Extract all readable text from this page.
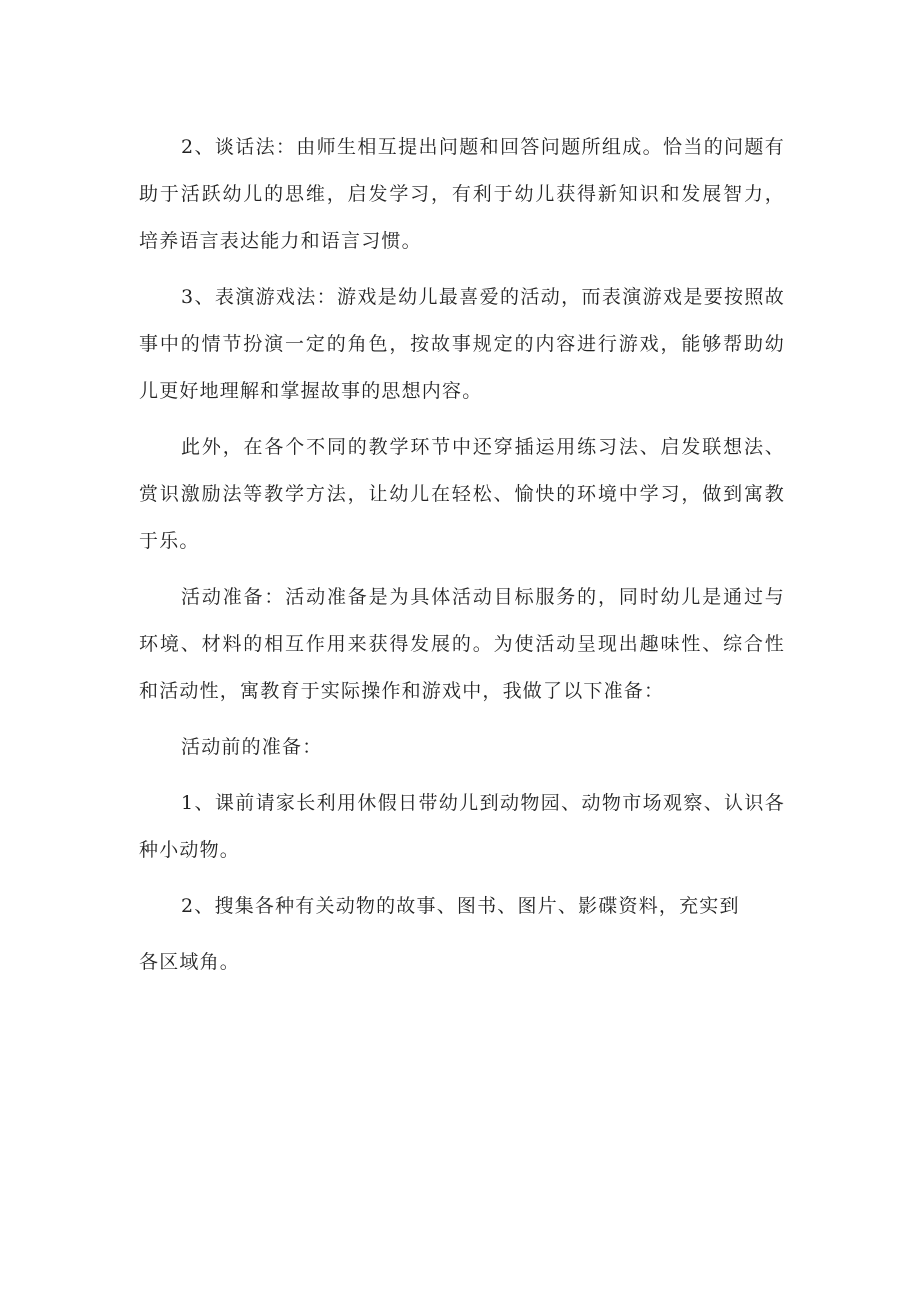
2、谈话法：由师生相互提出问题和回答问题所组成。恰当的问题有助于活跃幼儿的思维，启发学习，有利于幼儿获得新知识和发展智力，培养语言表达能力和语言习惯。

3、表演游戏法：游戏是幼儿最喜爱的活动，而表演游戏是要按照故事中的情节扮演一定的角色，按故事规定的内容进行游戏，能够帮助幼儿更好地理解和掌握故事的思想内容。

此外，在各个不同的教学环节中还穿插运用练习法、启发联想法、赏识激励法等教学方法，让幼儿在轻松、愉快的环境中学习，做到寓教于乐。

活动准备：活动准备是为具体活动目标服务的，同时幼儿是通过与环境、材料的相互作用来获得发展的。为使活动呈现出趣味性、综合性和活动性，寓教育于实际操作和游戏中，我做了以下准备：

活动前的准备：

1、课前请家长利用休假日带幼儿到动物园、动物市场观察、认识各种小动物。

2、搜集各种有关动物的故事、图书、图片、影碟资料，充实到

各区域角。
